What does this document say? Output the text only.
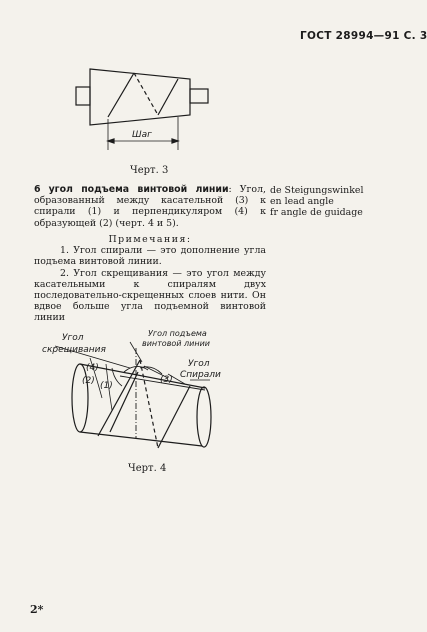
ГОСТ 28994—91 С. 3
Шаг
Черт. 3
6 угол подъема винтовой линии: Угол, образованный между касательной (3) к спирали (1) и перпендикуляром (4) к образующей (2) (черт. 4 и 5).
de Steigungswinkel
en lead angle
fr angle de guidage
Примечания:

1. Угол спирали — это дополнение угла подъема винтовой линии.

2. Угол скрещивания — это угол между касательными к спиралям двух последовательно-скрещенных слоев нити. Он вдвое больше угла подъемной винтовой линии

Угол
скрещивания
Угол подъема
винтовой линии
Угол
Спирали
(4)
(2) (1)
(3)
Черт. 4
2*
